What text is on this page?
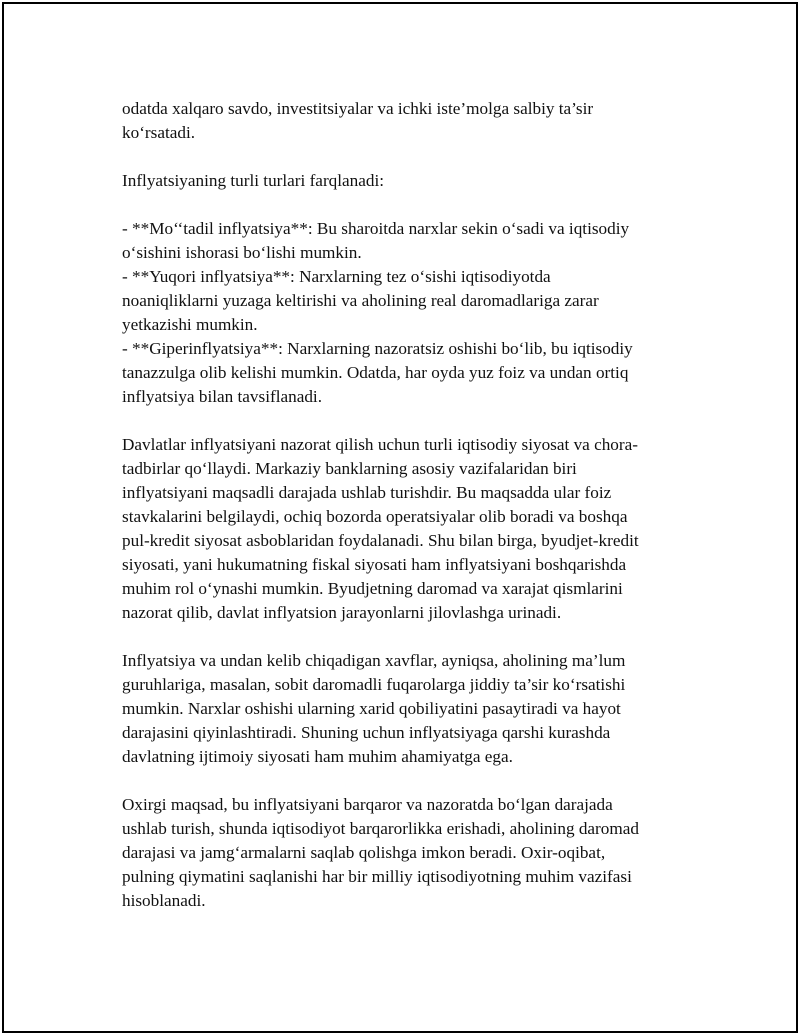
odatda xalqaro savdo, investitsiyalar va ichki iste’molga salbiy ta’sir
ko‘rsatadi.

Inflyatsiyaning turli turlari farqlanadi:

- **Mo‘‘tadil inflyatsiya**: Bu sharoitda narxlar sekin o‘sadi va iqtisodiy
o‘sishini ishorasi bo‘lishi mumkin.
- **Yuqori inflyatsiya**: Narxlarning tez o‘sishi iqtisodiyotda
noaniqliklarni yuzaga keltirishi va aholining real daromadlariga zarar
yetkazishi mumkin.
- **Giperinflyatsiya**: Narxlarning nazoratsiz oshishi bo‘lib, bu iqtisodiy
tanazzulga olib kelishi mumkin. Odatda, har oyda yuz foiz va undan ortiq
inflyatsiya bilan tavsiflanadi.

Davlatlar inflyatsiyani nazorat qilish uchun turli iqtisodiy siyosat va chora-
tadbirlar qo‘llaydi. Markaziy banklarning asosiy vazifalaridan biri
inflyatsiyani maqsadli darajada ushlab turishdir. Bu maqsadda ular foiz
stavkalarini belgilaydi, ochiq bozorda operatsiyalar olib boradi va boshqa
pul-kredit siyosat asboblaridan foydalanadi. Shu bilan birga, byudjet-kredit
siyosati, yani hukumatning fiskal siyosati ham inflyatsiyani boshqarishda
muhim rol o‘ynashi mumkin. Byudjetning daromad va xarajat qismlarini
nazorat qilib, davlat inflyatsion jarayonlarni jilovlashga urinadi.

Inflyatsiya va undan kelib chiqadigan xavflar, ayniqsa, aholining ma’lum
guruhlariga, masalan, sobit daromadli fuqarolarga jiddiy ta’sir ko‘rsatishi
mumkin. Narxlar oshishi ularning xarid qobiliyatini pasaytiradi va hayot
darajasini qiyinlashtiradi. Shuning uchun inflyatsiyaga qarshi kurashda
davlatning ijtimoiy siyosati ham muhim ahamiyatga ega.

Oxirgi maqsad, bu inflyatsiyani barqaror va nazoratda bo‘lgan darajada
ushlab turish, shunda iqtisodiyot barqarorlikka erishadi, aholining daromad
darajasi va jamg‘armalarni saqlab qolishga imkon beradi. Oxir-oqibat,
pulning qiymatini saqlanishi har bir milliy iqtisodiyotning muhim vazifasi
hisoblanadi.
